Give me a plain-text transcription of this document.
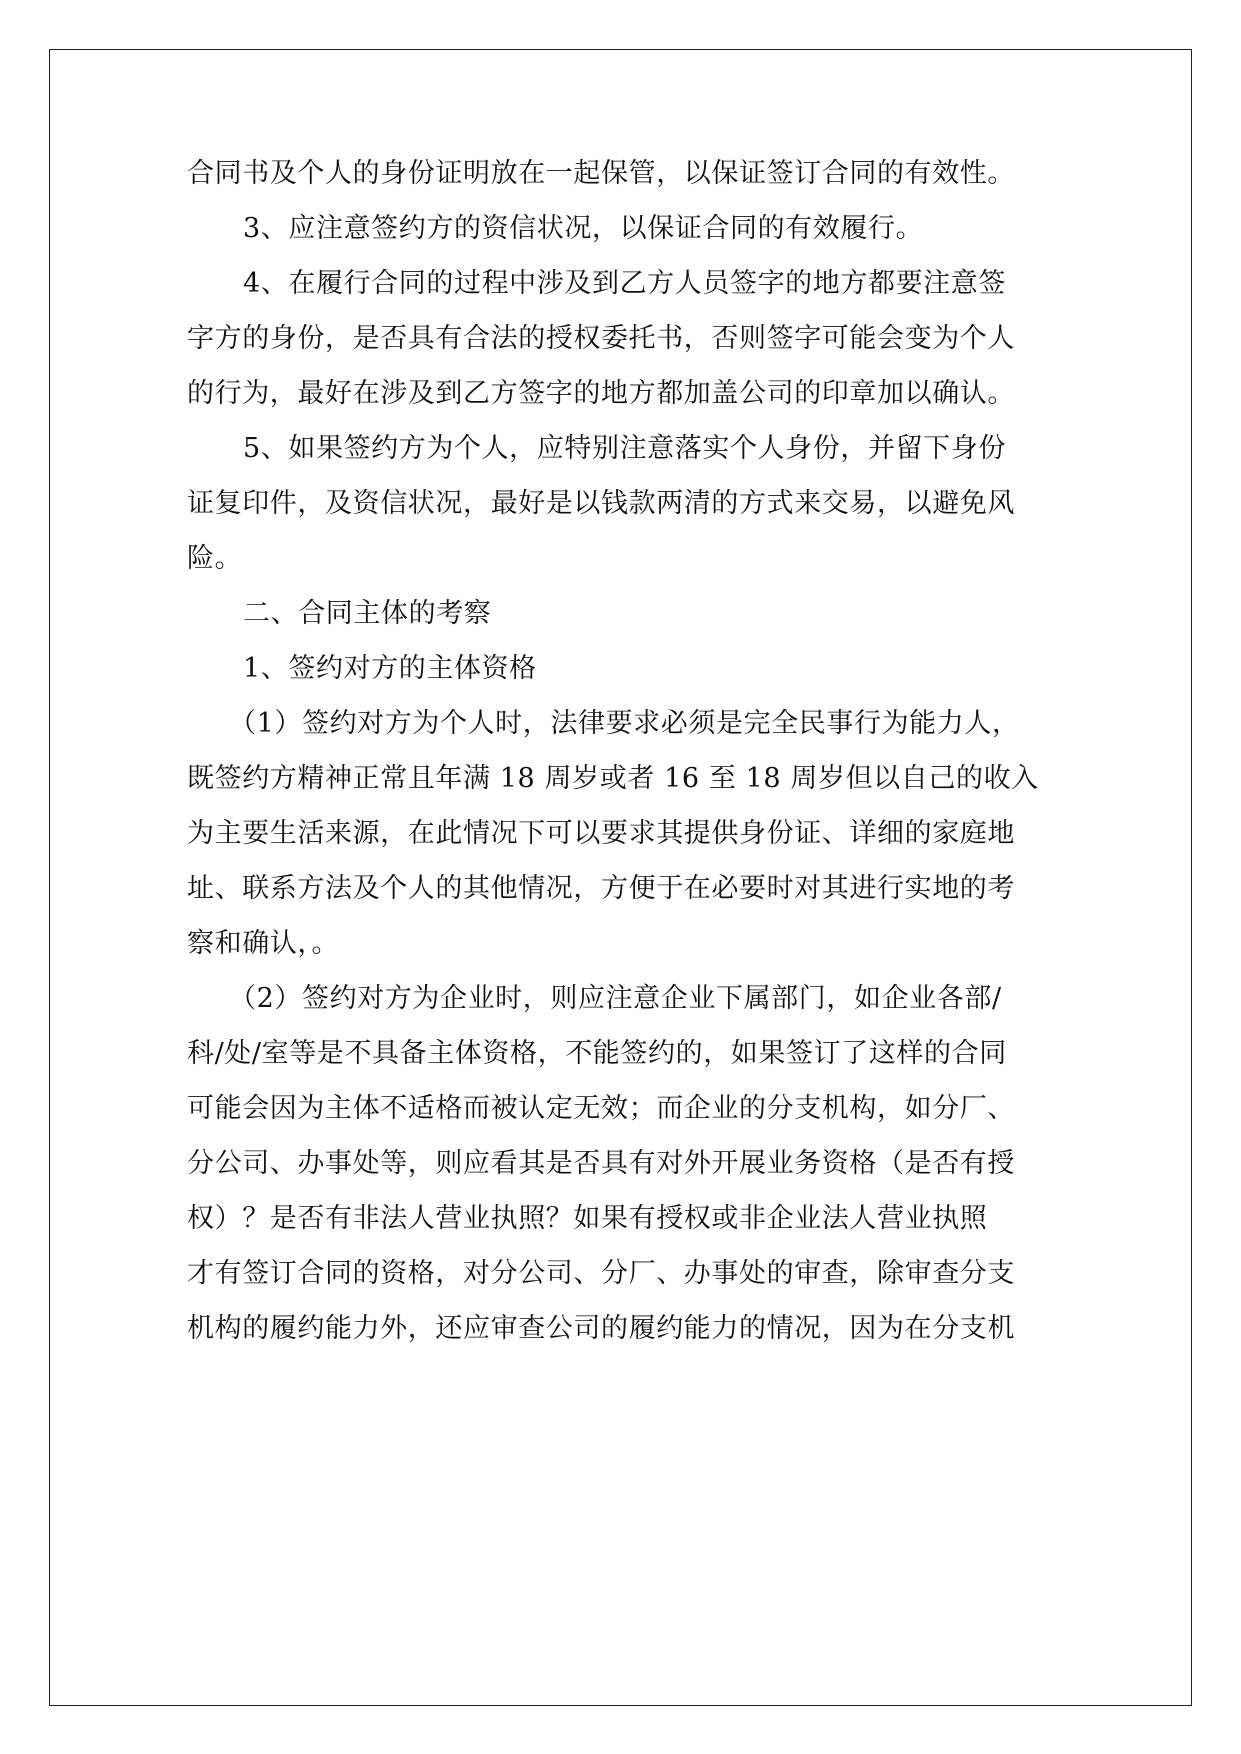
合同书及个人的身份证明放在一起保管，以保证签订合同的有效性。
3、应注意签约方的资信状况，以保证合同的有效履行。
4、在履行合同的过程中涉及到乙方人员签字的地方都要注意签
字方的身份，是否具有合法的授权委托书，否则签字可能会变为个人
的行为，最好在涉及到乙方签字的地方都加盖公司的印章加以确认。
5、如果签约方为个人，应特别注意落实个人身份，并留下身份
证复印件，及资信状况，最好是以钱款两清的方式来交易，以避免风
险。
二、合同主体的考察
1、签约对方的主体资格
（1）签约对方为个人时，法律要求必须是完全民事行为能力人，
既签约方精神正常且年满 18 周岁或者 16 至 18 周岁但以自己的收入
为主要生活来源，在此情况下可以要求其提供身份证、详细的家庭地
址、联系方法及个人的其他情况，方便于在必要时对其进行实地的考
察和确认，。
（2）签约对方为企业时，则应注意企业下属部门，如企业各部/
科/处/室等是不具备主体资格，不能签约的，如果签订了这样的合同
可能会因为主体不适格而被认定无效；而企业的分支机构，如分厂、
分公司、办事处等，则应看其是否具有对外开展业务资格（是否有授
权）？是否有非法人营业执照？如果有授权或非企业法人营业执照
才有签订合同的资格，对分公司、分厂、办事处的审查，除审查分支
机构的履约能力外，还应审查公司的履约能力的情况，因为在分支机
